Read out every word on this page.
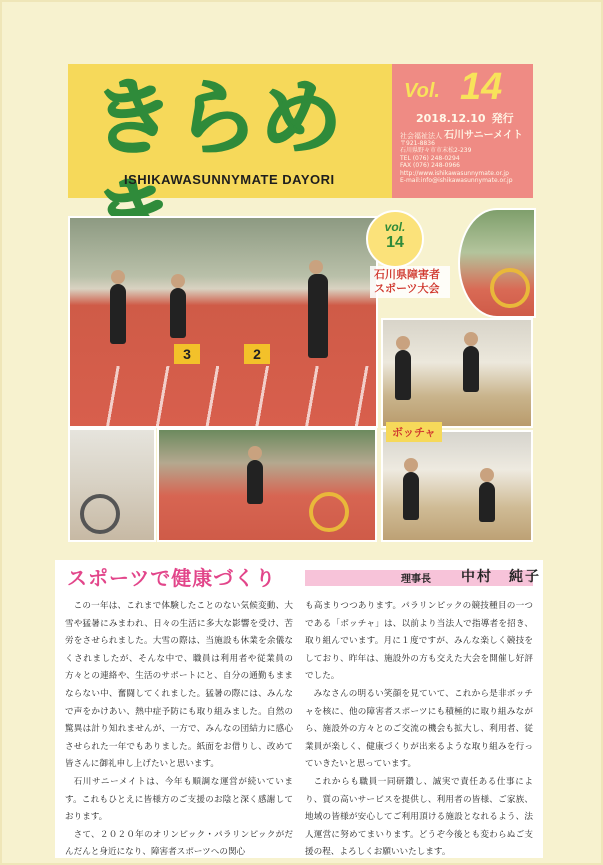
きらめ
ISHIKAWASUNNYMATE DAYORI
Vol. 14
2018.12.10 発行
社会福祉法人 石川サニーメイト
〒921-8836
石川県野々市市末松2-239
TEL (076) 248-0294
FAX (076) 248-0966
http://www.ishikawasunnymate.or.jp
E-mail:info@ishikawasunnymate.or.jp
3	2
vol.
14
石川県障害者 スポーツ大会
ボッチャ
スポーツで健康づくり	理事長 中村　純子

この一年は、これまで体験したことのない気候変動、大雪や猛暑にみまわれ、日々の生活に多大な影響を受け、苦労をさせられました。大雪の際は、当施設も休業を余儀なくされましたが、そんな中で、職員は利用者や従業員の方々との連絡や、生活のサポートにと、自分の通勤もままならない中、奮闘してくれました。猛暑の際には、みんなで声をかけあい、熱中症予防にも取り組みました。自然の驚異は計り知れませんが、一方で、みんなの団結力に感心させられた一年でもありました。紙面をお借りし、改めて皆さんに御礼申し上げたいと思います。

石川サニーメイトは、今年も順調な運営が続いています。これもひとえに皆様方のご支援のお陰と深く感謝しております。

さて、２０２０年のオリンピック・パラリンピックがだんだんと身近になり、障害者スポーツへの関心

も高まりつつあります。パラリンピックの競技種目の一つである「ボッチャ」は、以前より当法人で指導者を招き、取り組んでいます。月に１度ですが、みんな楽しく競技をしており、昨年は、施設外の方も交えた大会を開催し好評でした。

みなさんの明るい笑顔を見ていて、これから是非ボッチャを核に、他の障害者スポーツにも積極的に取り組みながら、施設外の方々とのご交流の機会も拡大し、利用者、従業員が楽しく、健康づくりが出来るような取り組みを行っていきたいと思っています。

これからも職員一同研鑽し、誠実で責任ある仕事により、質の高いサービスを提供し、利用者の皆様、ご家族、地域の皆様が安心してご利用頂ける施設となれるよう、法人運営に努めてまいります。どうぞ今後とも変わらぬご支援の程、よろしくお願いいたします。
